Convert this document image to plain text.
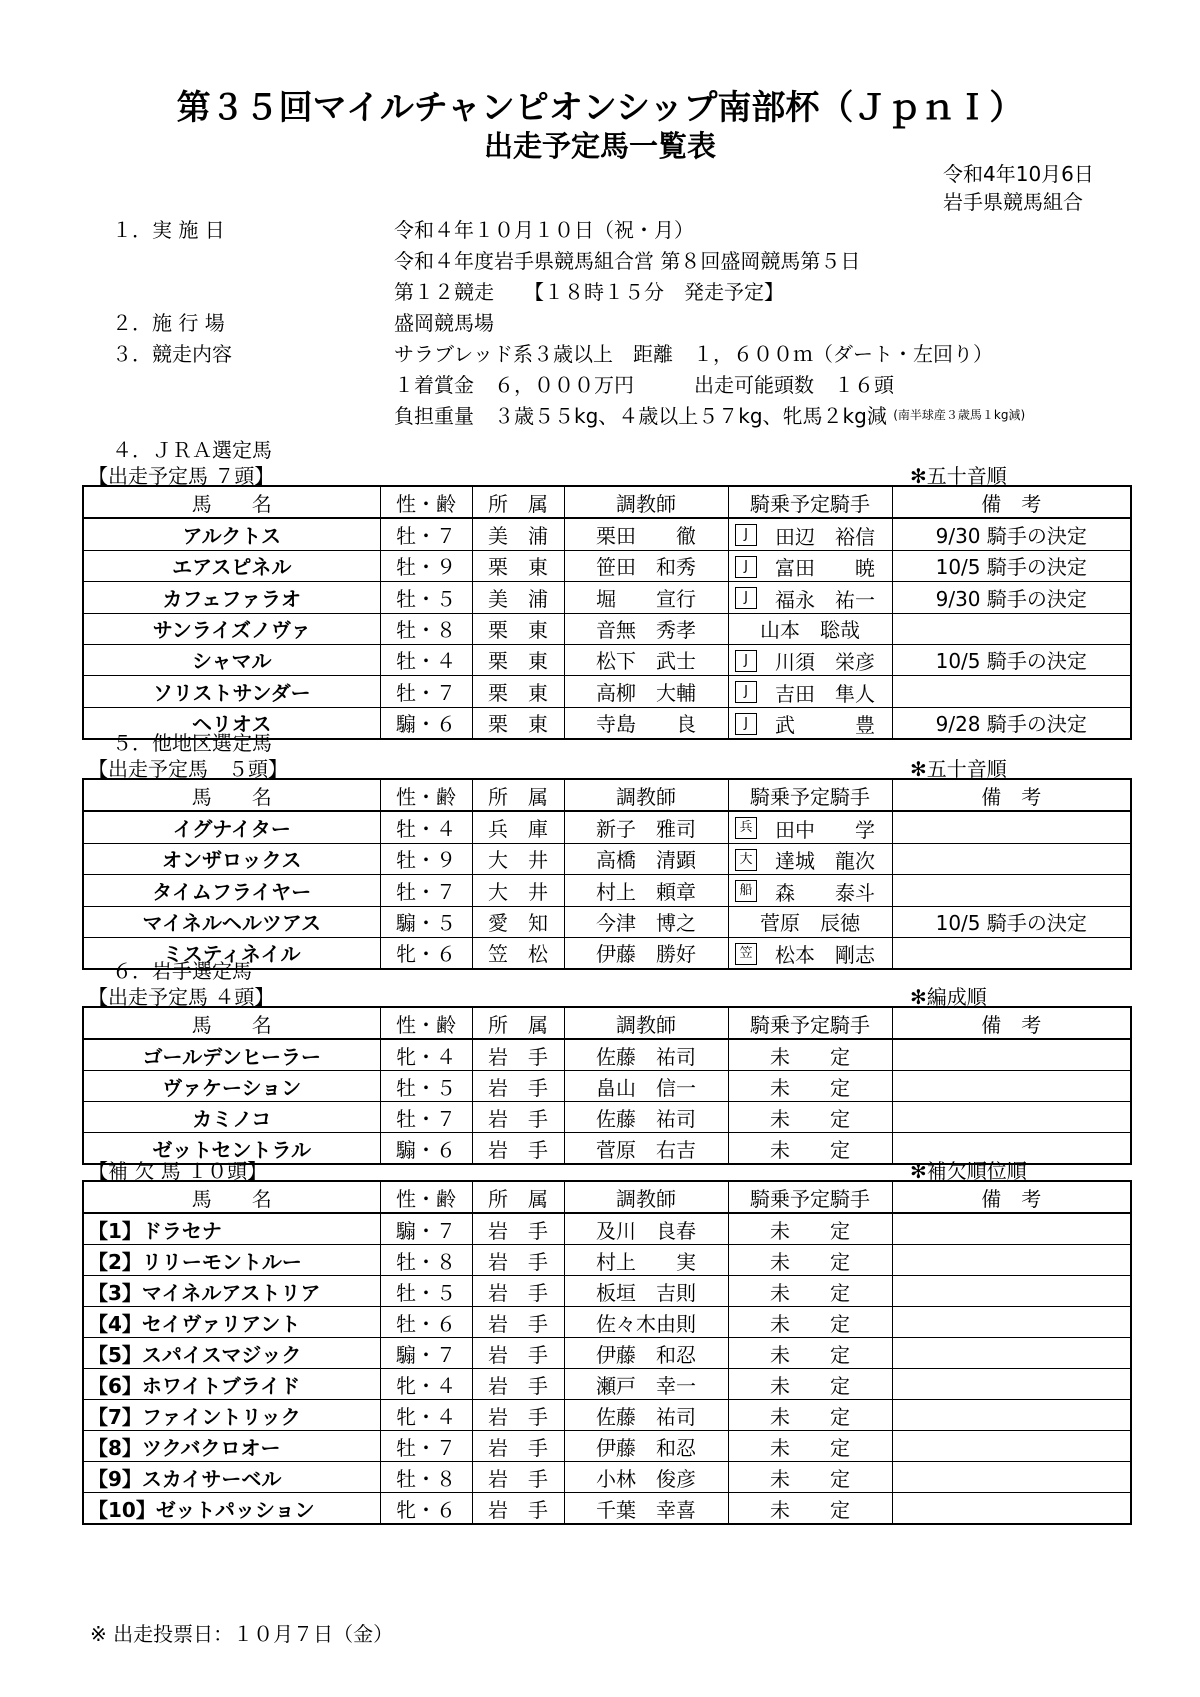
第３５回マイルチャンピオンシップ南部杯（ＪｐｎＩ）
出走予定馬一覧表
令和4年10月6日
岩手県競馬組合
１．実 施 日	令和４年１０月１０日（祝・月）
令和４年度岩手県競馬組合営 第８回盛岡競馬第５日
第１２競走　　【１８時１５分　発走予定】
２．施 行 場	盛岡競馬場
３．競走内容	サラブレッド系３歳以上　距離　１，６００ｍ（ダート・左回り）
１着賞金　６，０００万円　　　出走可能頭数　１６頭
負担重量　３歳５５kg、４歳以上５７kg、牝馬２kg減
(南半球産３歳馬１kg減)
４．ＪＲＡ選定馬
【出走予定馬 ７頭】	✻五十音順
馬　　名	性・齢	所　属	調教師	騎乗予定騎手	備　考
アルクトス	牡・７	美　浦	栗田　　徹	J 田辺　裕信	9/30 騎手の決定
エアスピネル	牡・９	栗　東	笹田　和秀	J 富田　　暁	10/5 騎手の決定
カフェファラオ	牡・５	美　浦	堀　　宣行	J 福永　祐一	9/30 騎手の決定
サンライズノヴァ	牡・８	栗　東	音無　秀孝	山本　聡哉	

シャマル	牡・４	栗　東	松下　武士	J 川須　栄彦	10/5 騎手の決定
ソリストサンダー	牡・７	栗　東	高柳　大輔	J 吉田　隼人	

ヘリオス	騸・６	栗　東	寺島　　良	J 武　　　豊	9/28 騎手の決定
５．他地区選定馬
【出走予定馬　５頭】	✻五十音順
馬　　名	性・齢	所　属	調教師	騎乗予定騎手	備　考
イグナイター	牡・４	兵　庫	新子　雅司	兵 田中　　学	

オンザロックス	牡・９	大　井	高橋　清顕	大 達城　龍次	

タイムフライヤー	牡・７	大　井	村上　頼章	船 森　　泰斗	

マイネルヘルツアス	騸・５	愛　知	今津　博之	菅原　辰徳	10/5 騎手の決定
ミスティネイル	牝・６	笠　松	伊藤　勝好	笠 松本　剛志	

６．岩手選定馬
【出走予定馬 ４頭】	✻編成順
馬　　名	性・齢	所　属	調教師	騎乗予定騎手	備　考
ゴールデンヒーラー	牝・４	岩　手	佐藤　祐司	未　　定	

ヴァケーション	牡・５	岩　手	畠山　信一	未　　定	

カミノコ	牡・７	岩　手	佐藤　祐司	未　　定	

ゼットセントラル	騸・６	岩　手	菅原　右吉	未　　定	

【補 欠 馬 １０頭】	✻補欠順位順
馬　　名	性・齢	所　属	調教師	騎乗予定騎手	備　考
【1】ドラセナ	騸・７	岩　手	及川　良春	未　　定	

【2】リリーモントルー	牡・８	岩　手	村上　　実	未　　定	

【3】マイネルアストリア	牡・５	岩　手	板垣　吉則	未　　定	

【4】セイヴァリアント	牡・６	岩　手	佐々木由則	未　　定	

【5】スパイスマジック	騸・７	岩　手	伊藤　和忍	未　　定	

【6】ホワイトブライド	牝・４	岩　手	瀬戸　幸一	未　　定	

【7】ファイントリック	牝・４	岩　手	佐藤　祐司	未　　定	

【8】ツクバクロオー	牡・７	岩　手	伊藤　和忍	未　　定	

【9】スカイサーベル	牡・８	岩　手	小林　俊彦	未　　定	

【10】ゼットパッション	牝・６	岩　手	千葉　幸喜	未　　定	

※ 出走投票日：１０月７日（金）
